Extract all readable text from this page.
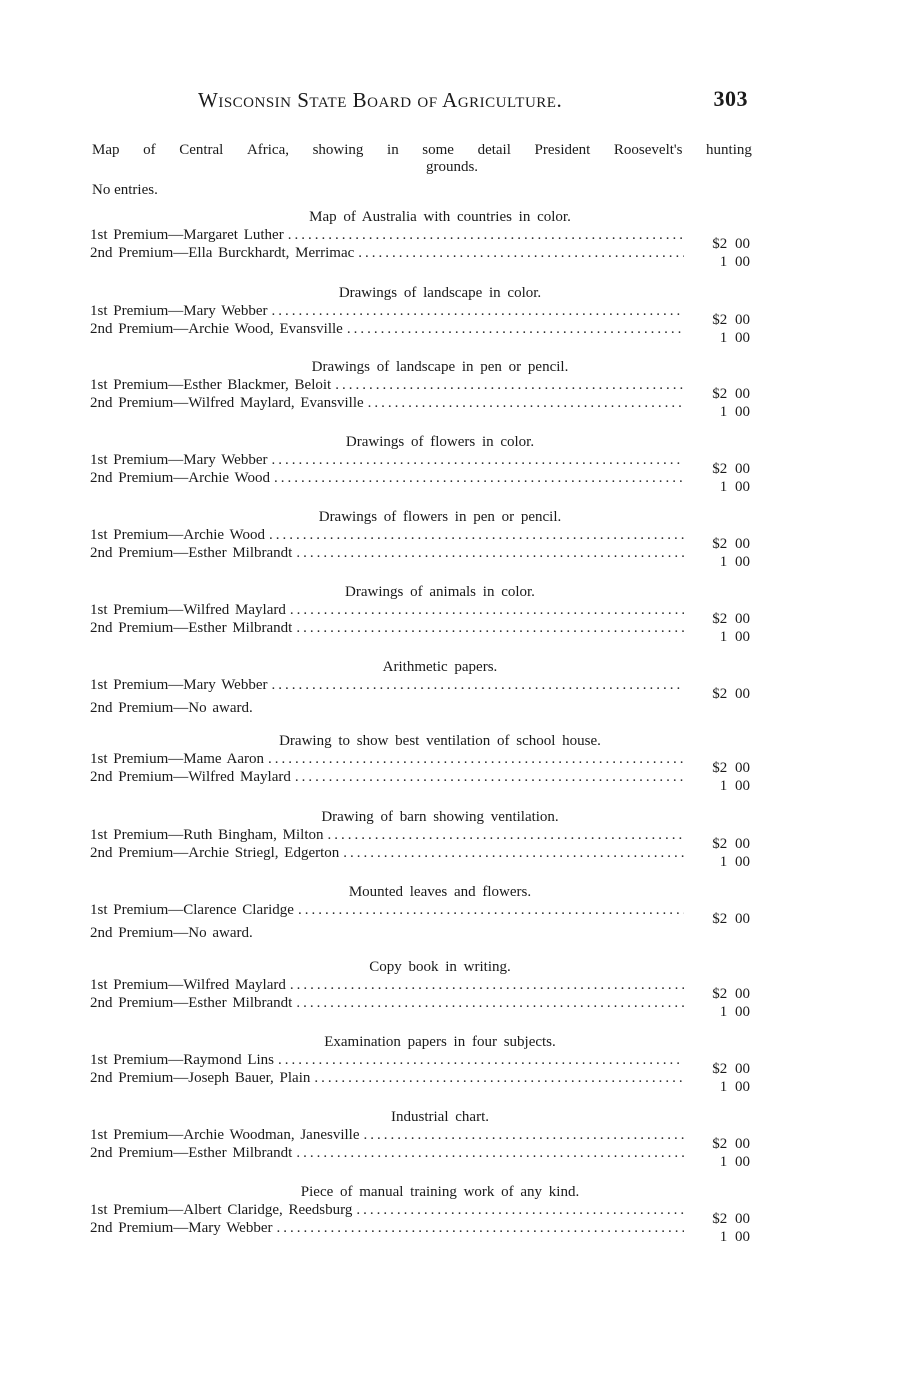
Wisconsin State Board of Agriculture.	303
Map of Central Africa, showing in some detail President Roosevelt's hunting
grounds.
No entries.
Map of Australia with countries in color.
1st Premium—Margaret Luther
.....
$2 00
2nd Premium—Ella Burckhardt, Merrimac
.....
1 00
Drawings of landscape in color.
1st Premium—Mary Webber
.....
$2 00
2nd Premium—Archie Wood, Evansville
.....
1 00
Drawings of landscape in pen or pencil.
1st Premium—Esther Blackmer, Beloit
.....
$2 00
2nd Premium—Wilfred Maylard, Evansville
.....
1 00
Drawings of flowers in color.
1st Premium—Mary Webber
.....
$2 00
2nd Premium—Archie Wood
.....
1 00
Drawings of flowers in pen or pencil.
1st Premium—Archie Wood
.....
$2 00
2nd Premium—Esther Milbrandt
.....
1 00
Drawings of animals in color.
1st Premium—Wilfred Maylard
.....
$2 00
2nd Premium—Esther Milbrandt
.....
1 00
Arithmetic papers.
1st Premium—Mary Webber
.....
$2 00
2nd Premium—No award.
Drawing to show best ventilation of school house.
1st Premium—Mame Aaron
.....
$2 00
2nd Premium—Wilfred Maylard
.....
1 00
Drawing of barn showing ventilation.
1st Premium—Ruth Bingham, Milton
.....
$2 00
2nd Premium—Archie Striegl, Edgerton
.....
1 00
Mounted leaves and flowers.
1st Premium—Clarence Claridge
.....
$2 00
2nd Premium—No award.
Copy book in writing.
1st Premium—Wilfred Maylard
.....
$2 00
2nd Premium—Esther Milbrandt
.....
1 00
Examination papers in four subjects.
1st Premium—Raymond Lins
.....
$2 00
2nd Premium—Joseph Bauer, Plain
.....
1 00
Industrial chart.
1st Premium—Archie Woodman, Janesville
.....
$2 00
2nd Premium—Esther Milbrandt
.....
1 00
Piece of manual training work of any kind.
1st Premium—Albert Claridge, Reedsburg
.....
$2 00
2nd Premium—Mary Webber
.....
1 00
